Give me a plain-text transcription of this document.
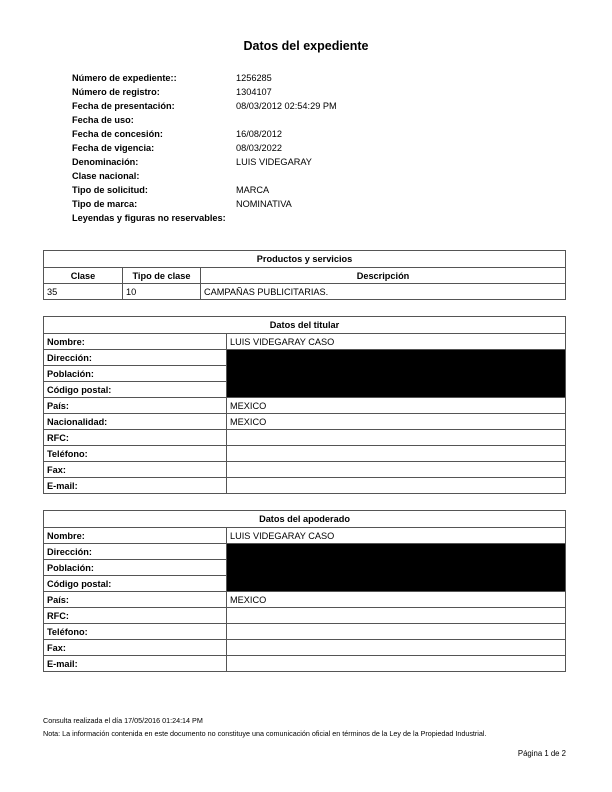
Datos del expediente
Número de expediente::	1256285
Número de registro:	1304107
Fecha de presentación:	08/03/2012 02:54:29 PM
Fecha de uso:
Fecha de concesión:	16/08/2012
Fecha de vigencia:	08/03/2022
Denominación:	LUIS VIDEGARAY
Clase nacional:
Tipo de solicitud:	MARCA
Tipo de marca:	NOMINATIVA
Leyendas y figuras no reservables:
Productos y servicios		
Clase	Tipo de clase	Descripción
35	10	CAMPAÑAS PUBLICITARIAS.
Datos del titular	
Nombre:	LUIS VIDEGARAY CASO
Dirección:	
Población:	
Código postal:	
País:	MEXICO
Nacionalidad:	MEXICO
RFC:	
Teléfono:	
Fax:	
E-mail:	
Datos del apoderado	
Nombre:	LUIS VIDEGARAY CASO
Dirección:	
Población:	
Código postal:	
País:	MEXICO
RFC:	
Teléfono:	
Fax:	
E-mail:	
Consulta realizada el día 17/05/2016 01:24:14 PM
Nota: La información contenida en este documento no constituye una comunicación oficial en términos de la Ley de la Propiedad Industrial.
Página 1 de 2
